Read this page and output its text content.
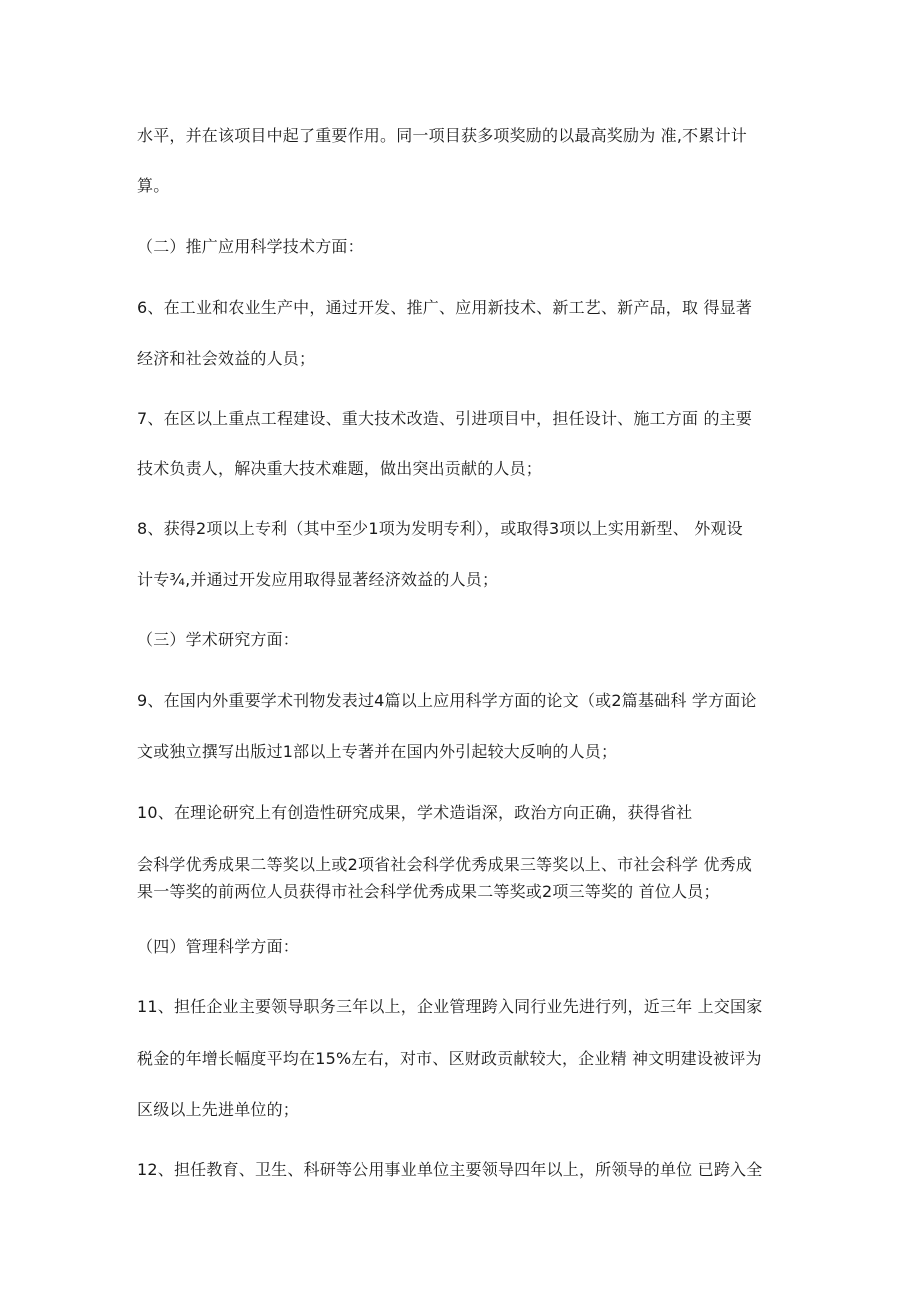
水平，并在该项目中起了重要作用。同一项目获多项奖励的以最高奖励为 准,不累计计
算。
（二）推广应用科学技术方面：
6、在工业和农业生产中，通过开发、推广、应用新技术、新工艺、新产品，取 得显著
经济和社会效益的人员；
7、在区以上重点工程建设、重大技术改造、引进项目中，担任设计、施工方面 的主要
技术负责人，解决重大技术难题，做出突出贡献的人员；
8、获得2项以上专利（其中至少1项为发明专利），或取得3项以上实用新型、 外观设
计专¾,并通过开发应用取得显著经济效益的人员；
（三）学术研究方面：
9、在国内外重要学术刊物发表过4篇以上应用科学方面的论文（或2篇基础科 学方面论
文或独立撰写出版过1部以上专著并在国内外引起较大反响的人员；
10、在理论研究上有创造性研究成果，学术造诣深，政治方向正确，获得省社
会科学优秀成果二等奖以上或2项省社会科学优秀成果三等奖以上、市社会科学 优秀成
果一等奖的前两位人员获得市社会科学优秀成果二等奖或2项三等奖的 首位人员；
（四）管理科学方面：
11、担任企业主要领导职务三年以上，企业管理跨入同行业先进行列，近三年 上交国家
税金的年增长幅度平均在15%左右，对市、区财政贡献较大，企业精 神文明建设被评为
区级以上先进单位的；
12、担任教育、卫生、科研等公用事业单位主要领导四年以上，所领导的单位 已跨入全
